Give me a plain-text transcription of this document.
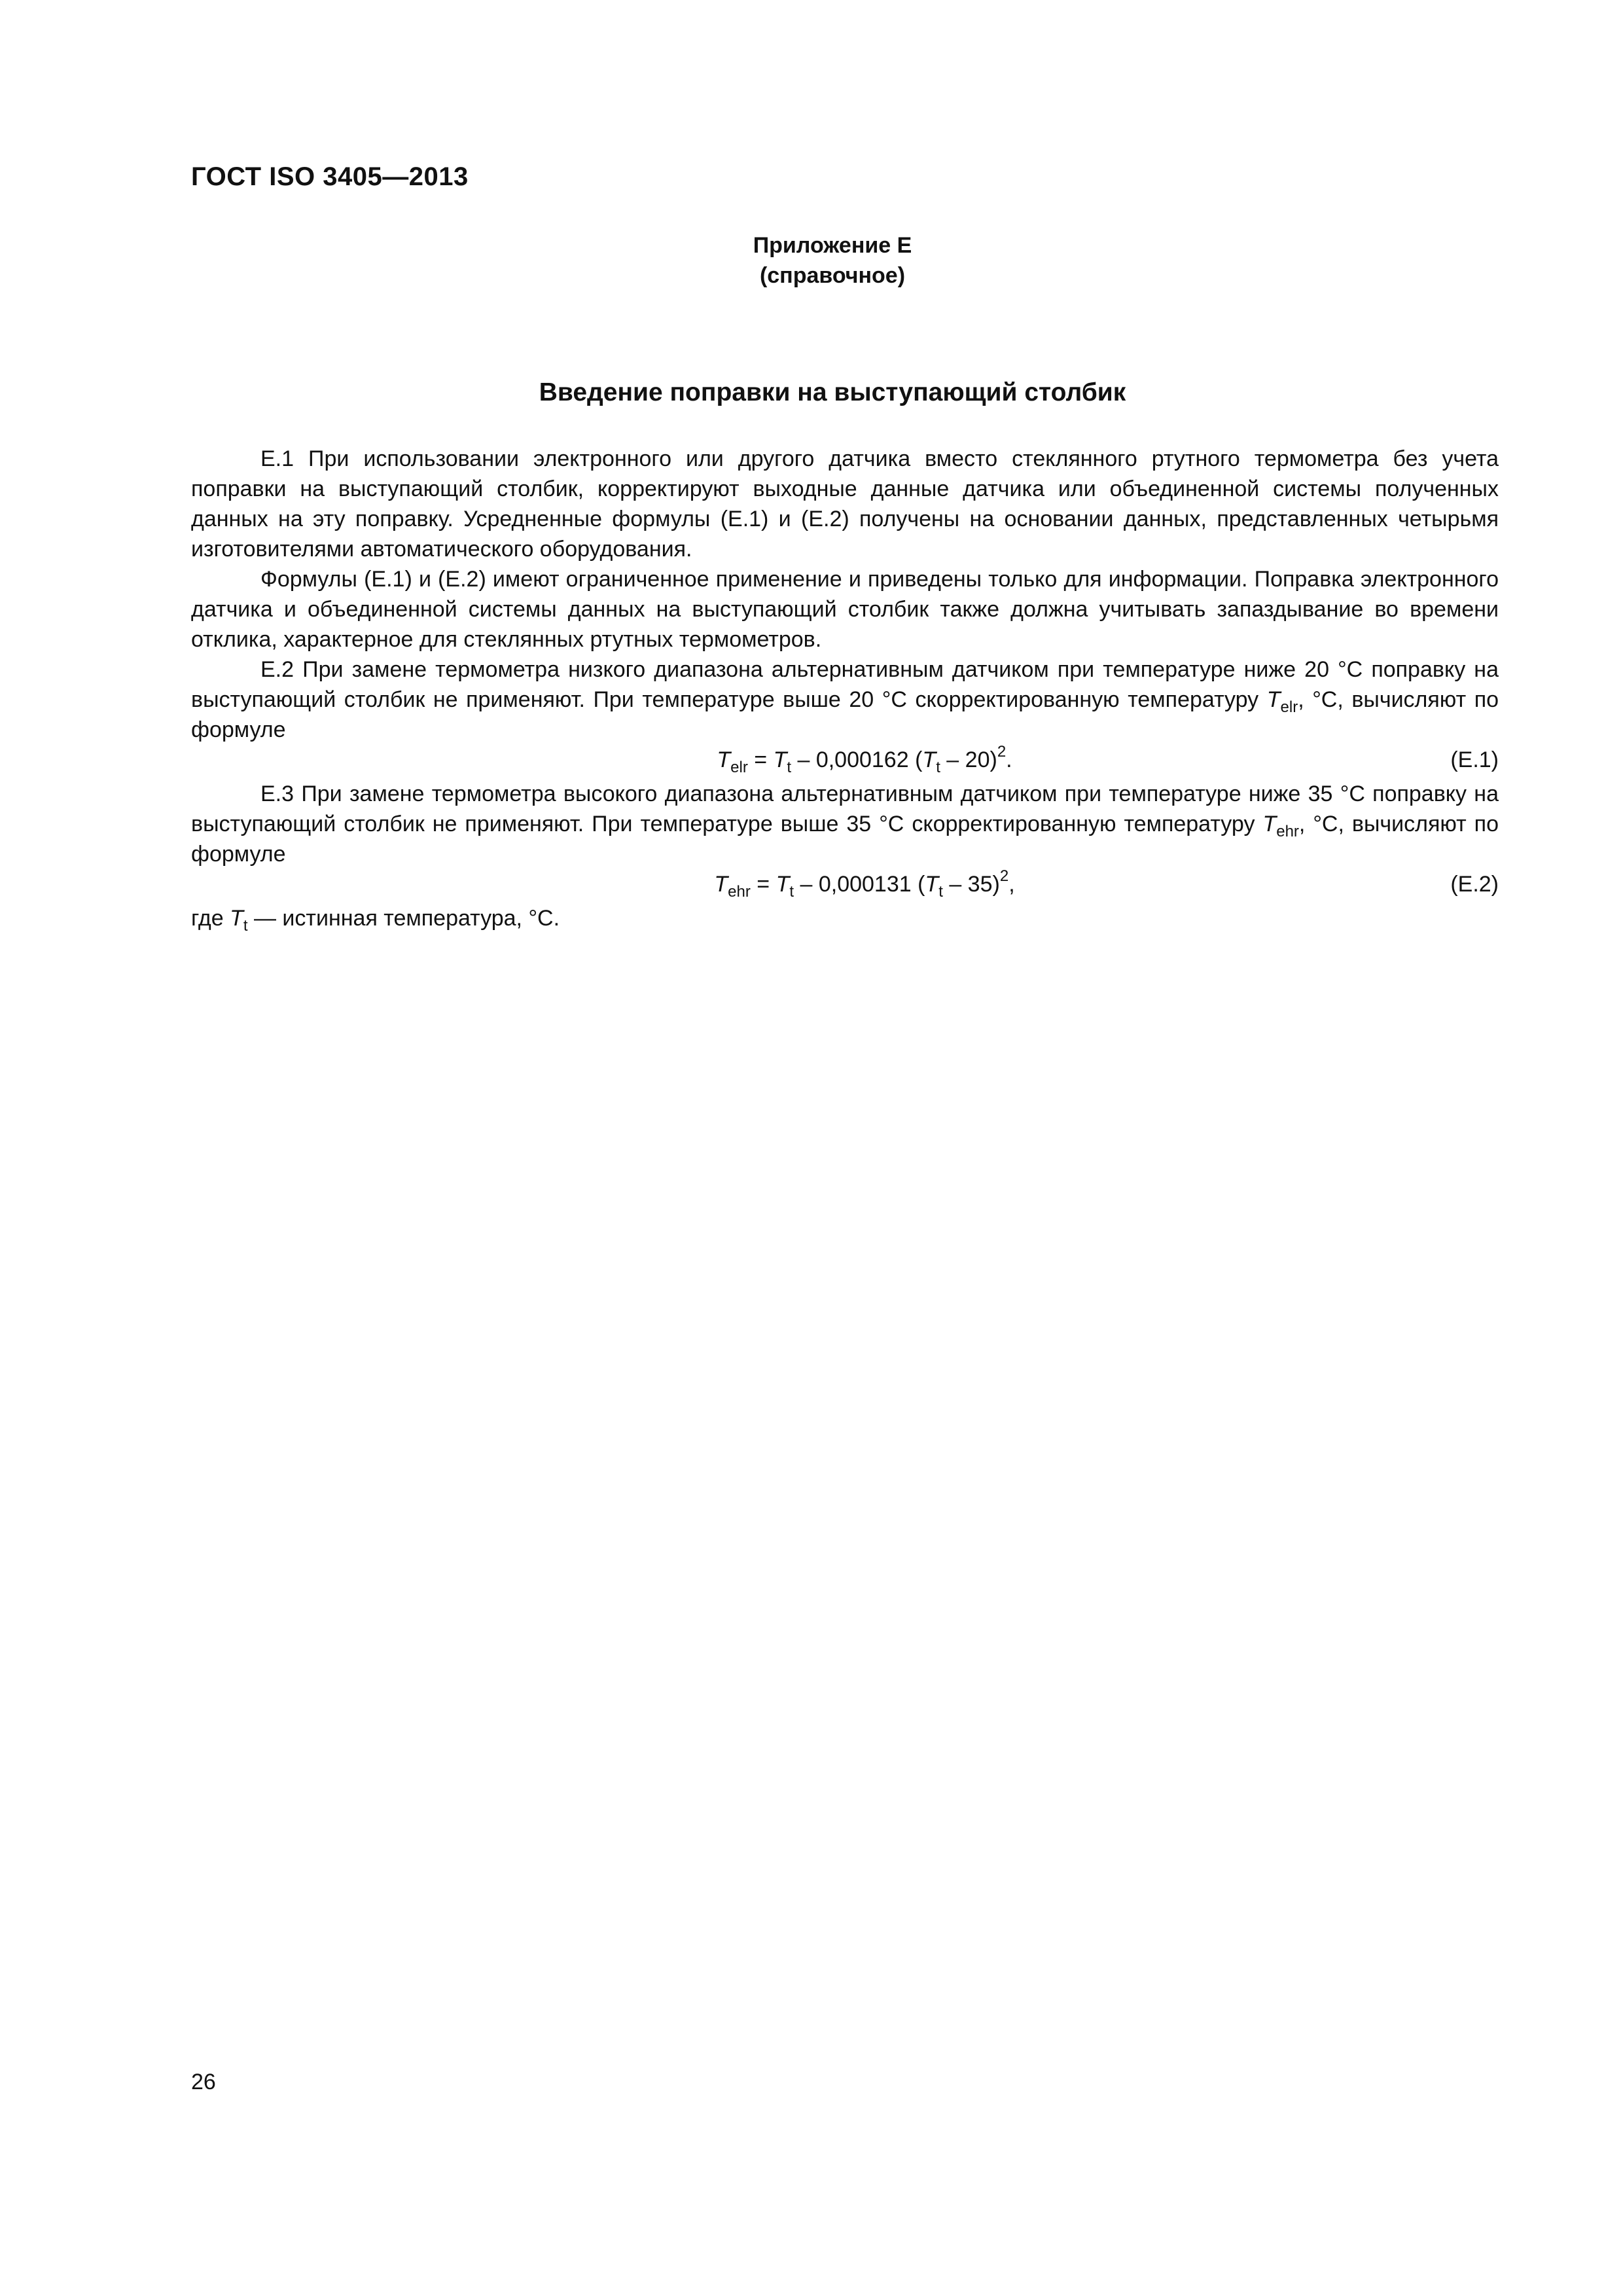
ГОСТ ISO 3405—2013
Приложение Е
(справочное)
Введение поправки на выступающий столбик

Е.1 При использовании электронного или другого датчика вместо стеклянного ртутного термометра без учета поправки на выступающий столбик, корректируют выходные данные датчика или объединенной системы полученных данных на эту поправку. Усредненные формулы (Е.1) и (Е.2) получены на основании данных, представленных четырьмя изготовителями автоматического оборудования.

Формулы (Е.1) и (Е.2) имеют ограниченное применение и приведены только для информации. Поправка электронного датчика и объединенной системы данных на выступающий столбик также должна учитывать запаздывание во времени отклика, характерное для стеклянных ртутных термометров.

Е.2 При замене термометра низкого диапазона альтернативным датчиком при температуре ниже 20 °С поправку на выступающий столбик не применяют. При температуре выше 20 °С скорректированную температуру $T_{elr}$, °С, вычисляют по формуле

$T_{elr} = T_t - 0,000162$ $(T_t - 20)^2$.	(Е.1)

Е.3 При замене термометра высокого диапазона альтернативным датчиком при температуре ниже 35 °С поправку на выступающий столбик не применяют. При температуре выше 35 °С скорректированную температуру $T_{ehr}$, °С, вычисляют по формуле

$T_{ehr} = T_t - 0,000131$ $(T_t - 35)^2$,	(Е.2)

где $T_t$ — истинная температура, °С.

26
